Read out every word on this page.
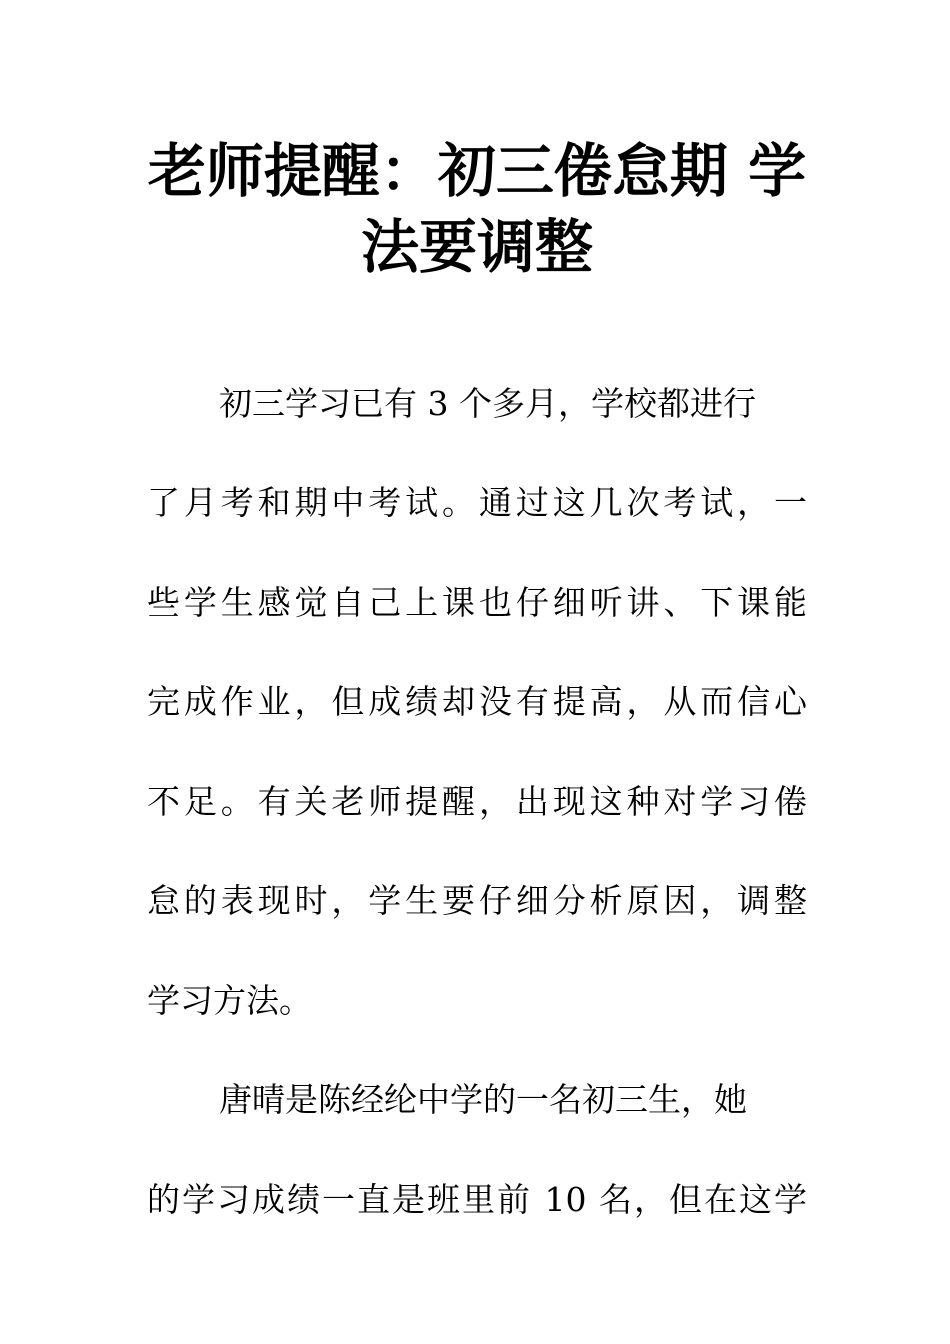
老师提醒：初三倦怠期 学
法要调整
初三学习已有 3 个多月，学校都进行
了月考和期中考试。通过这几次考试，一
些学生感觉自己上课也仔细听讲、下课能
完成作业，但成绩却没有提高，从而信心
不足。有关老师提醒，出现这种对学习倦
怠的表现时，学生要仔细分析原因，调整
学习方法。
唐晴是陈经纶中学的一名初三生，她
的学习成绩一直是班里前 10 名，但在这学
